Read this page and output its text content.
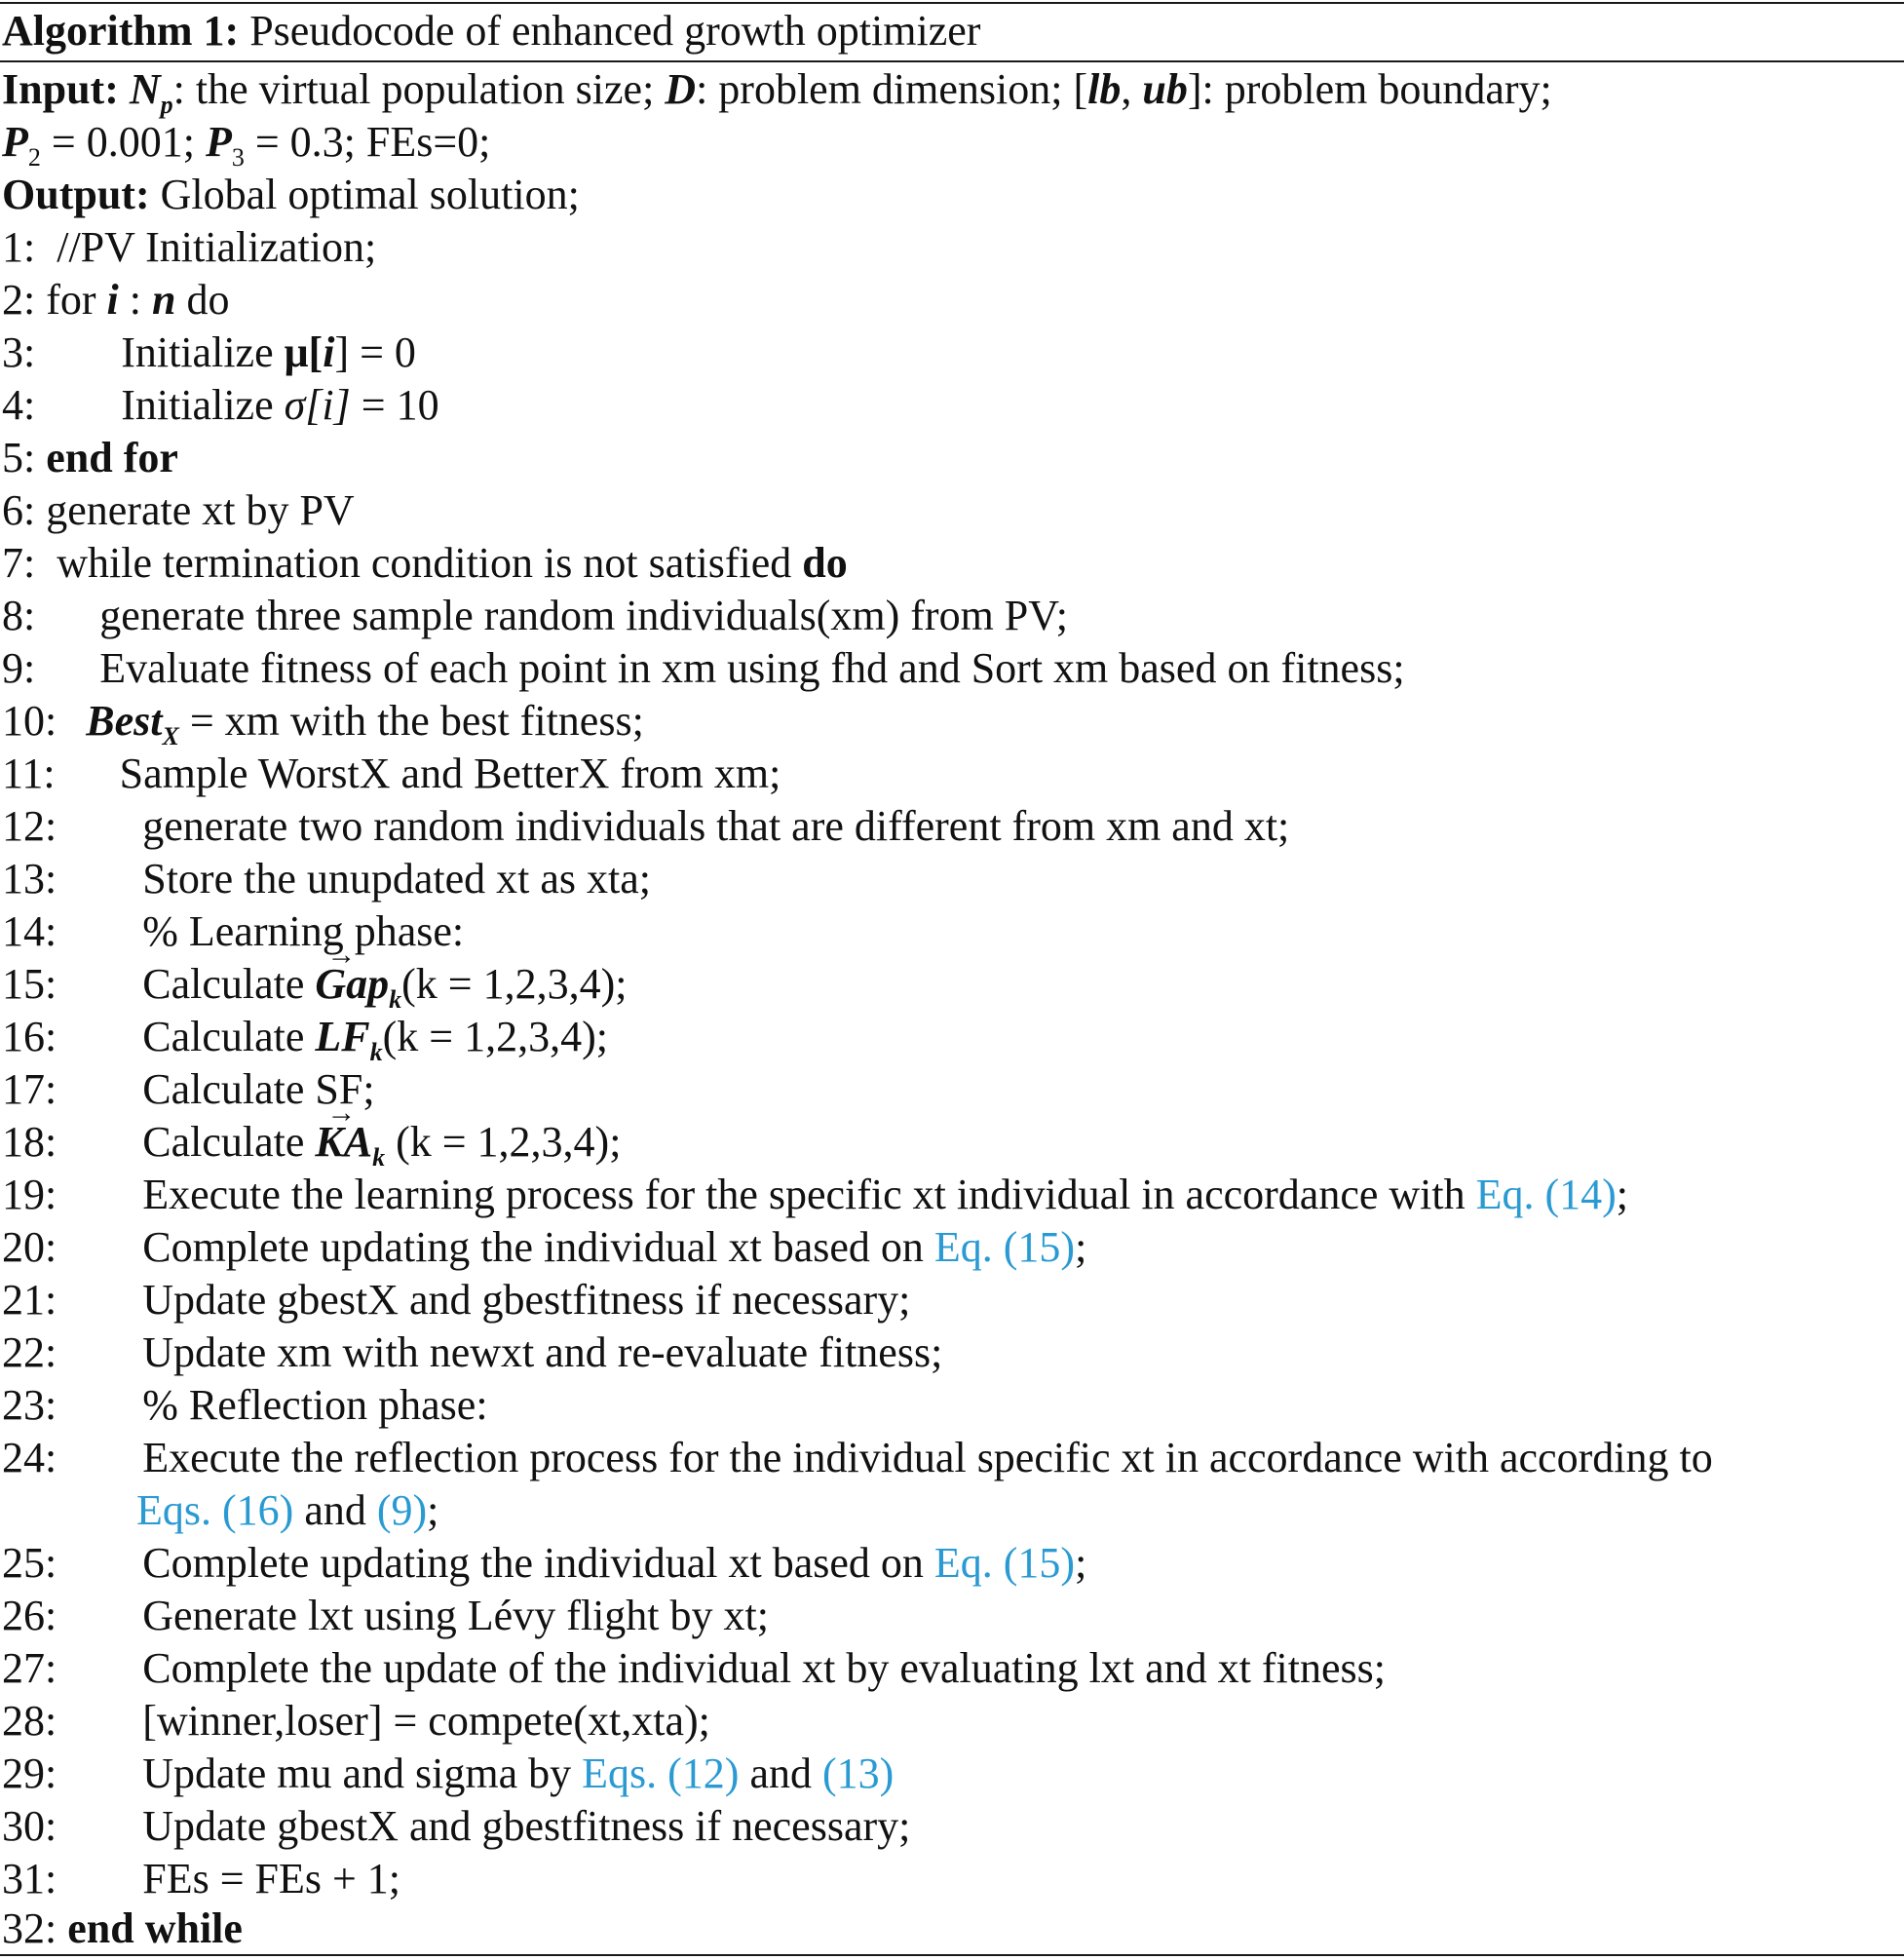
Algorithm 1: Pseudocode of enhanced growth optimizer
Input: $N_p$: the virtual population size; D: problem dimension; [lb, ub]: problem boundary;
$P_2 = 0.001$; $P_3 = 0.3$; FEs=0;
Output: Global optimal solution;
1: //PV Initialization;
2: for i : n do
3: Initialize μ[i] = 0
4: Initialize σ[i] = 10
5: end for
6: generate xt by PV
7: while termination condition is not satisfied do
8: generate three sample random individuals(xm) from PV;
9: Evaluate fitness of each point in xm using fhd and Sort xm based on fitness;
10: Best$_X$ = xm with the best fitness;
11: Sample WorstX and BetterX from xm;
12: generate two random individuals that are different from xm and xt;
13: Store the unupdated xt as xta;
14: % Learning phase:
15: Calculate → Gap$_k$(k = 1,2,3,4);
16: Calculate $LF_k(k = 1,2,3,4)$;
17: Calculate SF;
18: Calculate → $KA_k$ (k = 1,2,3,4);
19: Execute the learning process for the specific xt individual in accordance with Eq. (14);
20: Complete updating the individual xt based on Eq. (15);
21: Update gbestX and gbestfitness if necessary;
22: Update xm with newxt and re-evaluate fitness;
23: % Reflection phase:
24: Execute the reflection process for the individual specific xt in accordance with according to
Eqs. (16) and (9);
25: Complete updating the individual xt based on Eq. (15);
26: Generate lxt using Lévy flight by xt;
27: Complete the update of the individual xt by evaluating lxt and xt fitness;
28: [winner,loser] = compete(xt,xta);
29: Update mu and sigma by Eqs. (12) and (13)
30: Update gbestX and gbestfitness if necessary;
31: FEs = FEs + 1;
32: end while
